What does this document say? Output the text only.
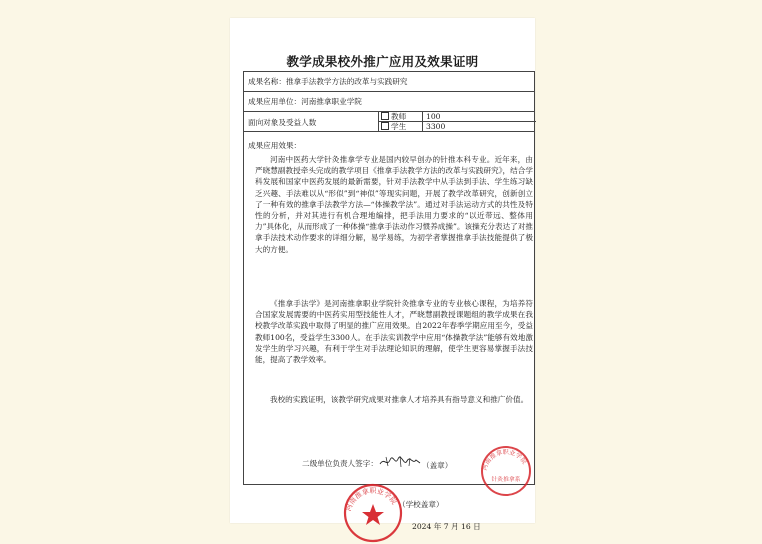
教学成果校外推广应用及效果证明
成果名称：推拿手法教学方法的改革与实践研究
成果应用单位：河南推拿职业学院
面向对象及受益人数
教师	100
学生	3300
成果应用效果：
河南中医药大学针灸推拿学专业是国内较早创办的针推本科专业。近年来，由严晓慧副教授牵头完成的教学项目《推拿手法教学方法的改革与实践研究》，结合学科发展和国家中医药发展的最新需要，针对手法教学中从手法到手法、学生练习缺乏兴趣、手法难以从“形似”到“神似”等现实问题，开展了教学改革研究，创新创立了一种有效的推拿手法教学方法—“体操教学法”。通过对手法运动方式的共性及特性的分析，并对其进行有机合理地编排，把手法用力要求的“以近带远、整体用力”具体化，从而形成了一种体操“推拿手法动作习惯养成操”。该操充分表达了对推拿手法技术动作要求的详细分解，易学易练，为初学者掌握推拿手法技能提供了极大的方便。
《推拿手法学》是河南推拿职业学院针灸推拿专业的专业核心课程，为培养符合国家发展需要的中医药实用型技能性人才，严晓慧副教授课题组的教学成果在我校教学改革实践中取得了明显的推广应用效果。自2022年春季学期应用至今，受益教师100名，受益学生3300人。在手法实训教学中应用“体操教学法”能够有效地激发学生的学习兴趣，有利于学生对手法理论知识的理解，使学生更容易掌握手法技能，提高了教学效率。
我校的实践证明，该教学研究成果对推拿人才培养具有指导意义和推广价值。
二级单位负责人签字：	（盖章）
（学校盖章）
2024 年 7 月 16 日
河南推拿职业学院
河南推拿职业学院
针灸推拿系
